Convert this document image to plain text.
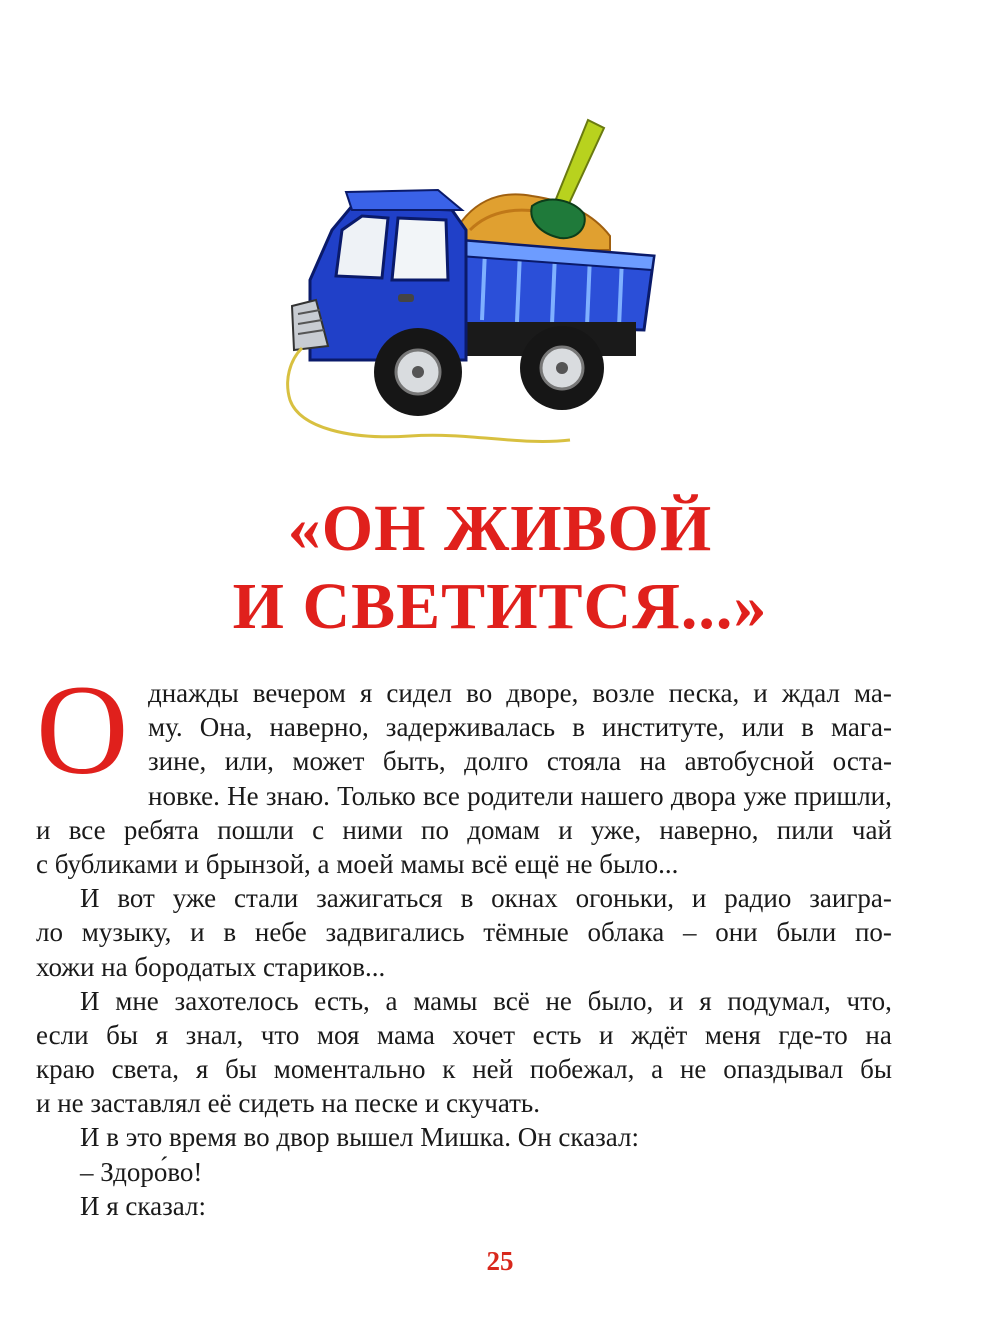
«ОН ЖИВОЙ
И СВЕТИТСЯ...»
О днажды вечером я сидел во дворе, возле песка, и ждал ма-
му. Она, наверно, задерживалась в институте, или в мага-
зине, или, может быть, долго стояла на автобусной оста-
новке. Не знаю. Только все родители нашего двора уже пришли,
и все ребята пошли с ними по домам и уже, наверно, пили чай
с бубликами и брынзой, а моей мамы всё ещё не было...
И вот уже стали зажигаться в окнах огоньки, и радио заигра-
ло музыку, и в небе задвигались тёмные облака – они были по-
хожи на бородатых стариков...
И мне захотелось есть, а мамы всё не было, и я подумал, что,
если бы я знал, что моя мама хочет есть и ждёт меня где-то на
краю света, я бы моментально к ней побежал, а не опаздывал бы
и не заставлял её сидеть на песке и скучать.
И в это время во двор вышел Мишка. Он сказал:
– Здоро́во!
И я сказал:
25
